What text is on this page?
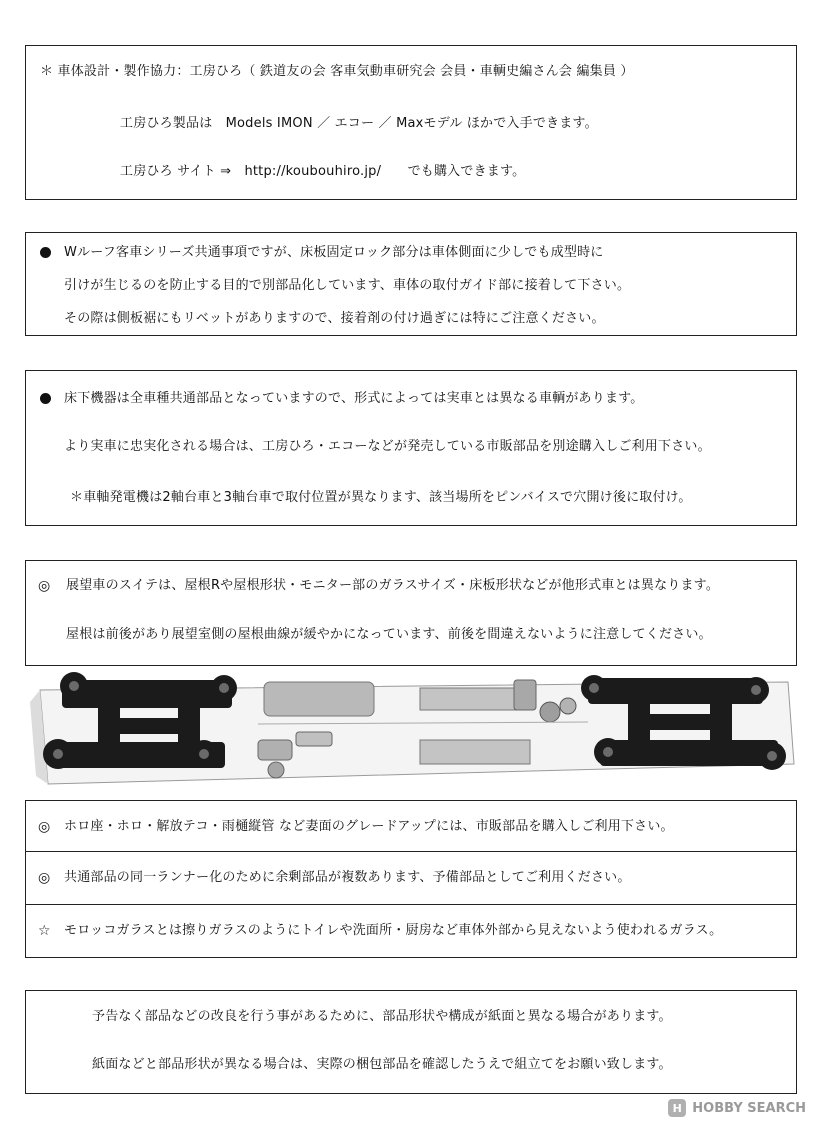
＊ 車体設計・製作協力：工房ひろ（ 鉄道友の会 客車気動車研究会 会員・車輌史編さん会 編集員 ）
工房ひろ製品は　Models IMON ／ エコー ／ Maxモデル ほかで入手できます。
工房ひろ サイト ⇒　http://koubouhiro.jp/　　でも購入できます。
Wルーフ客車シリーズ共通事項ですが、床板固定ロック部分は車体側面に少しでも成型時に
引けが生じるのを防止する目的で別部品化しています、車体の取付ガイド部に接着して下さい。
その際は側板裾にもリベットがありますので、接着剤の付け過ぎには特にご注意ください。
床下機器は全車種共通部品となっていますので、形式によっては実車とは異なる車輌があります。
より実車に忠実化される場合は、工房ひろ・エコーなどが発売している市販部品を別途購入しご利用下さい。
＊車軸発電機は2軸台車と3軸台車で取付位置が異なります、該当場所をピンバイスで穴開け後に取付け。
◎ 展望車のスイテは、屋根Rや屋根形状・モニター部のガラスサイズ・床板形状などが他形式車とは異なります。
屋根は前後があり展望室側の屋根曲線が緩やかになっています、前後を間違えないように注意してください。
◎ ホロ座・ホロ・解放テコ・雨樋縦管 など妻面のグレードアップには、市販部品を購入しご利用下さい。
◎ 共通部品の同一ランナー化のために余剰部品が複数あります、予備部品としてご利用ください。
☆ モロッコガラスとは擦りガラスのようにトイレや洗面所・厨房など車体外部から見えないよう使われるガラス。
予告なく部品などの改良を行う事があるために、部品形状や構成が紙面と異なる場合があります。
紙面などと部品形状が異なる場合は、実際の梱包部品を確認したうえで組立てをお願い致します。
H HOBBY SEARCH
